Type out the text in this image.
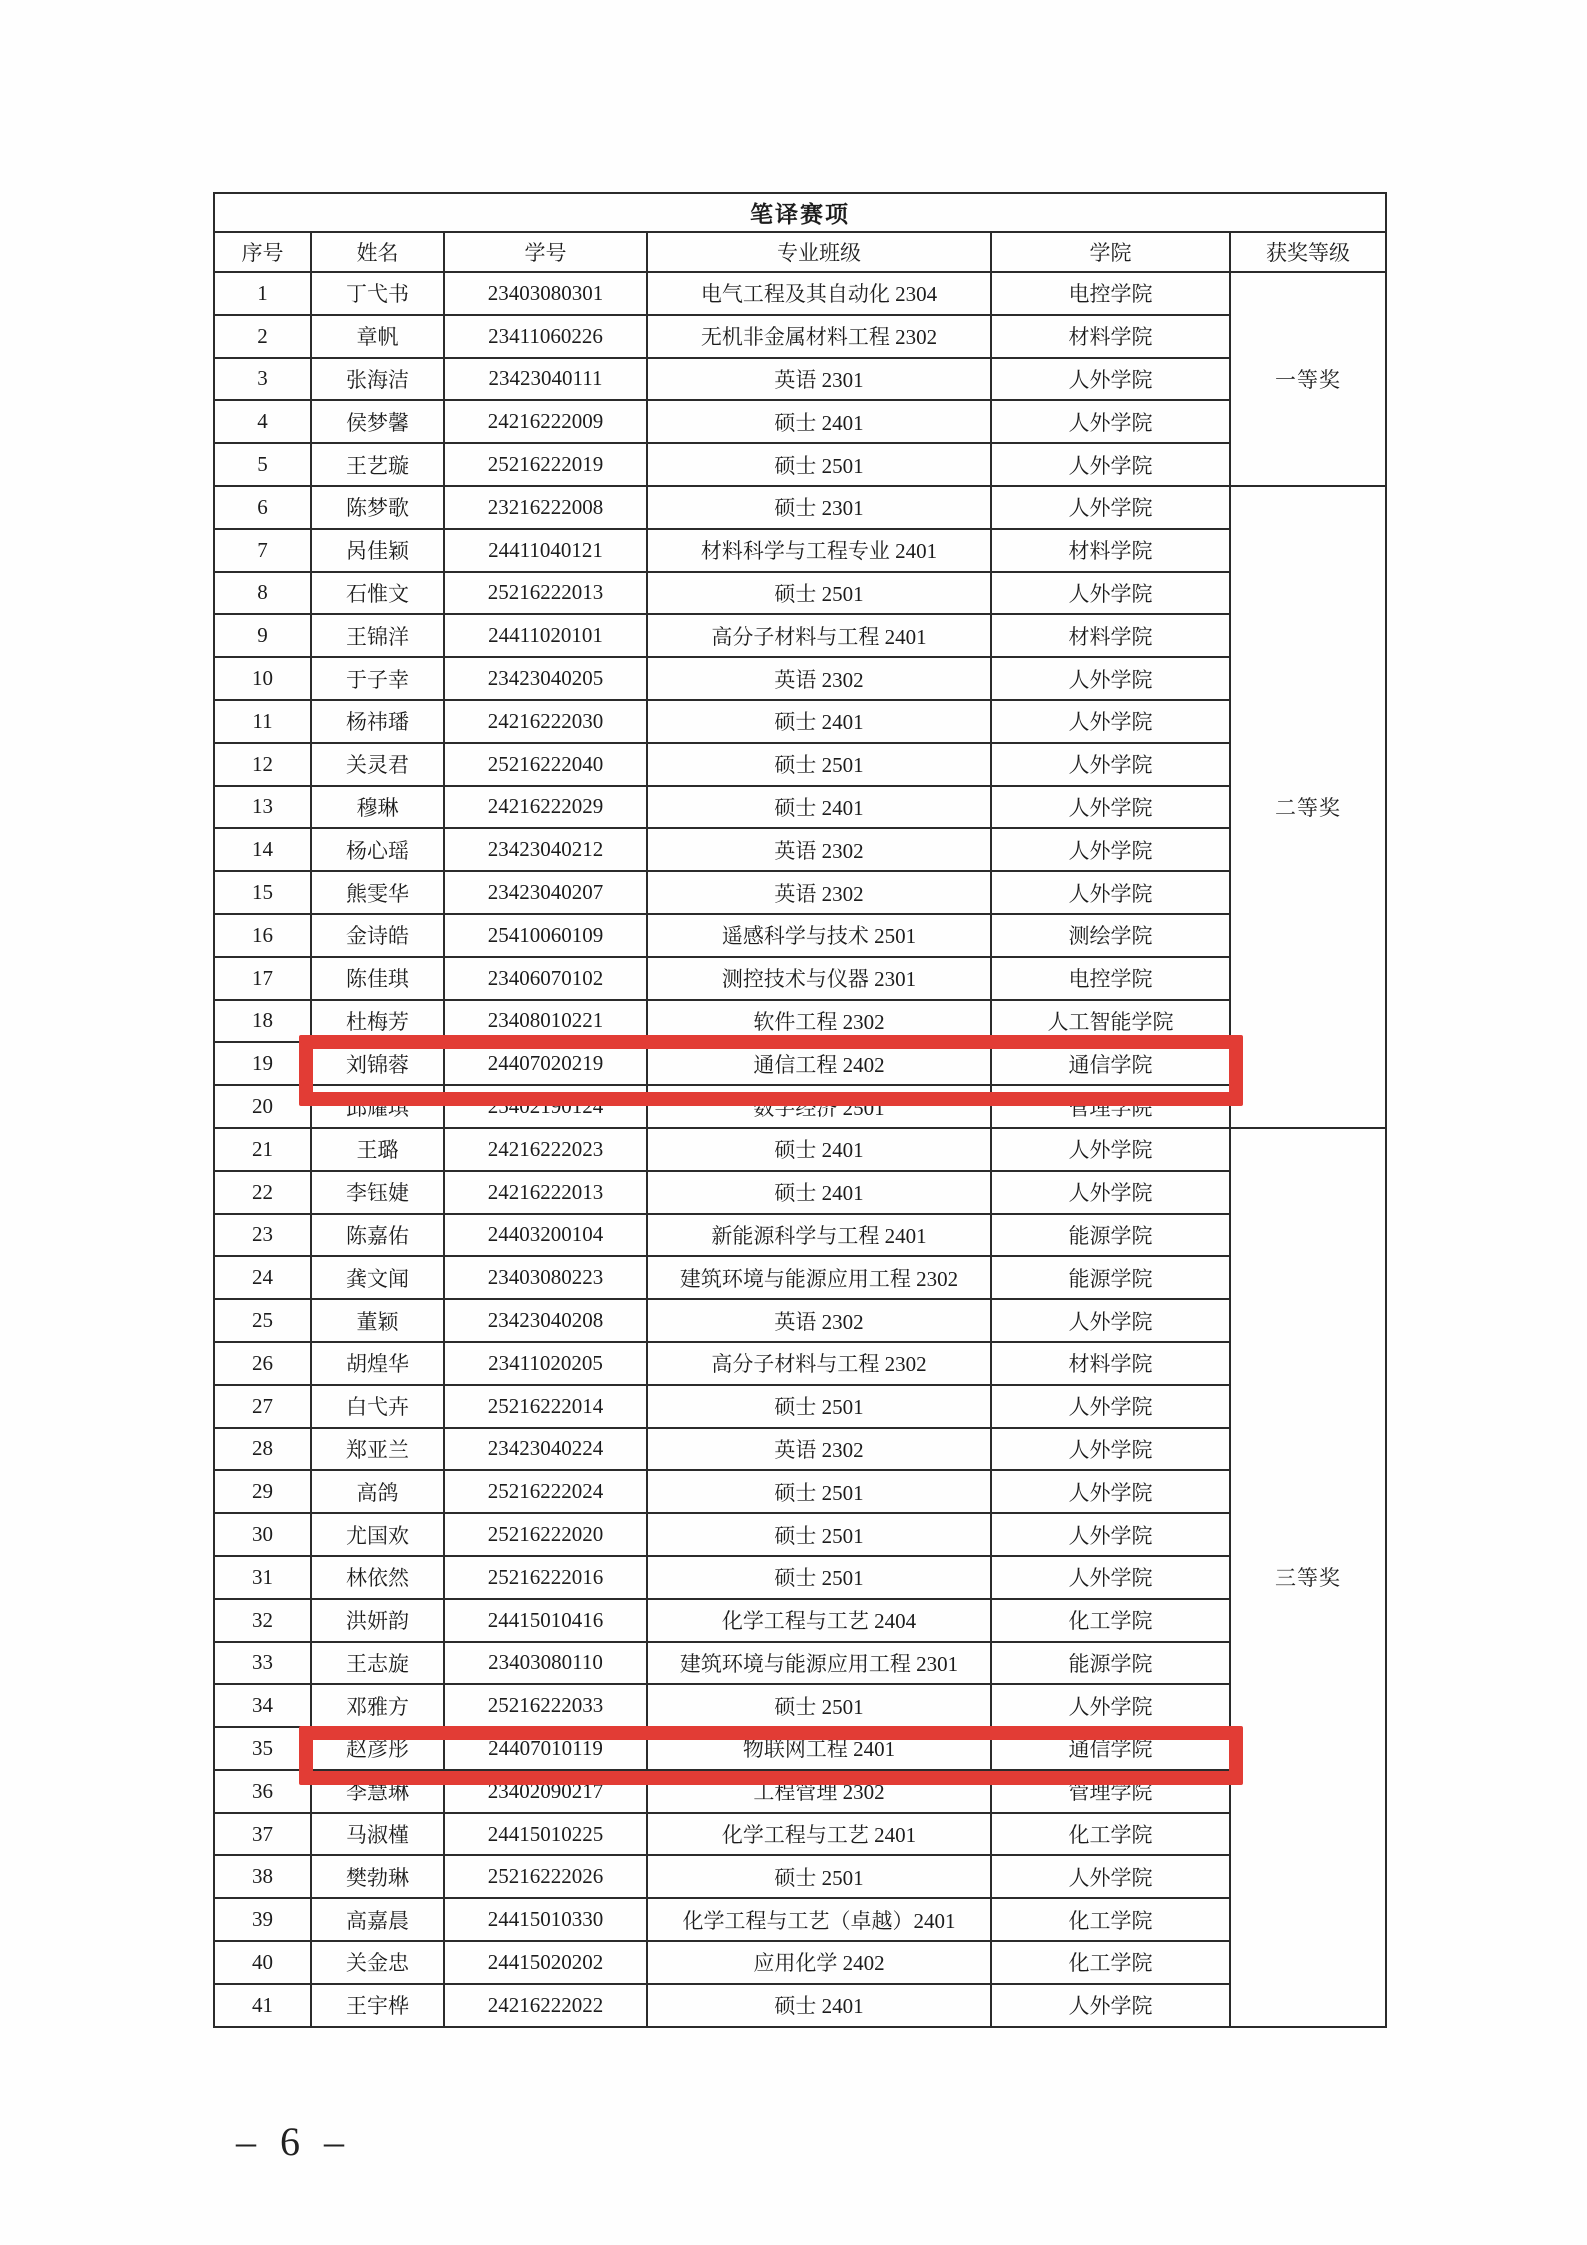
笔译赛项					
序号	姓名	学号	专业班级	学院	获奖等级
1	丁弋书	23403080301	电气工程及其自动化 2304	电控学院	一等奖
2	章帆	23411060226	无机非金属材料工程 2302	材料学院	
3	张海洁	23423040111	英语 2301	人外学院	
4	侯梦馨	24216222009	硕士 2401	人外学院	
5	王艺璇	25216222019	硕士 2501	人外学院	
6	陈梦歌	23216222008	硕士 2301	人外学院	二等奖
7	呙佳颖	24411040121	材料科学与工程专业 2401	材料学院	
8	石惟文	25216222013	硕士 2501	人外学院	
9	王锦洋	24411020101	高分子材料与工程 2401	材料学院	
10	于子幸	23423040205	英语 2302	人外学院	
11	杨祎璠	24216222030	硕士 2401	人外学院	
12	关灵君	25216222040	硕士 2501	人外学院	
13	穆琳	24216222029	硕士 2401	人外学院	
14	杨心瑶	23423040212	英语 2302	人外学院	
15	熊雯华	23423040207	英语 2302	人外学院	
16	金诗皓	25410060109	遥感科学与技术 2501	测绘学院	
17	陈佳琪	23406070102	测控技术与仪器 2301	电控学院	
18	杜梅芳	23408010221	软件工程 2302	人工智能学院	
19	刘锦蓉	24407020219	通信工程 2402	通信学院	
20	邱耀琪	25402190124	数字经济 2501	管理学院	
21	王璐	24216222023	硕士 2401	人外学院	三等奖
22	李钰婕	24216222013	硕士 2401	人外学院	
23	陈嘉佑	24403200104	新能源科学与工程 2401	能源学院	
24	龚文闻	23403080223	建筑环境与能源应用工程 2302	能源学院	
25	董颖	23423040208	英语 2302	人外学院	
26	胡煌华	23411020205	高分子材料与工程 2302	材料学院	
27	白弋卉	25216222014	硕士 2501	人外学院	
28	郑亚兰	23423040224	英语 2302	人外学院	
29	高鸽	25216222024	硕士 2501	人外学院	
30	尤国欢	25216222020	硕士 2501	人外学院	
31	林依然	25216222016	硕士 2501	人外学院	
32	洪妍韵	24415010416	化学工程与工艺 2404	化工学院	
33	王志旋	23403080110	建筑环境与能源应用工程 2301	能源学院	
34	邓雅方	25216222033	硕士 2501	人外学院	
35	赵彦彤	24407010119	物联网工程 2401	通信学院	
36	李慧琳	23402090217	工程管理 2302	管理学院	
37	马淑槿	24415010225	化学工程与工艺 2401	化工学院	
38	樊勃琳	25216222026	硕士 2501	人外学院	
39	高嘉晨	24415010330	化学工程与工艺（卓越）2401	化工学院	
40	关金忠	24415020202	应用化学 2402	化工学院	
41	王宇桦	24216222022	硕士 2401	人外学院	
– 6 –
